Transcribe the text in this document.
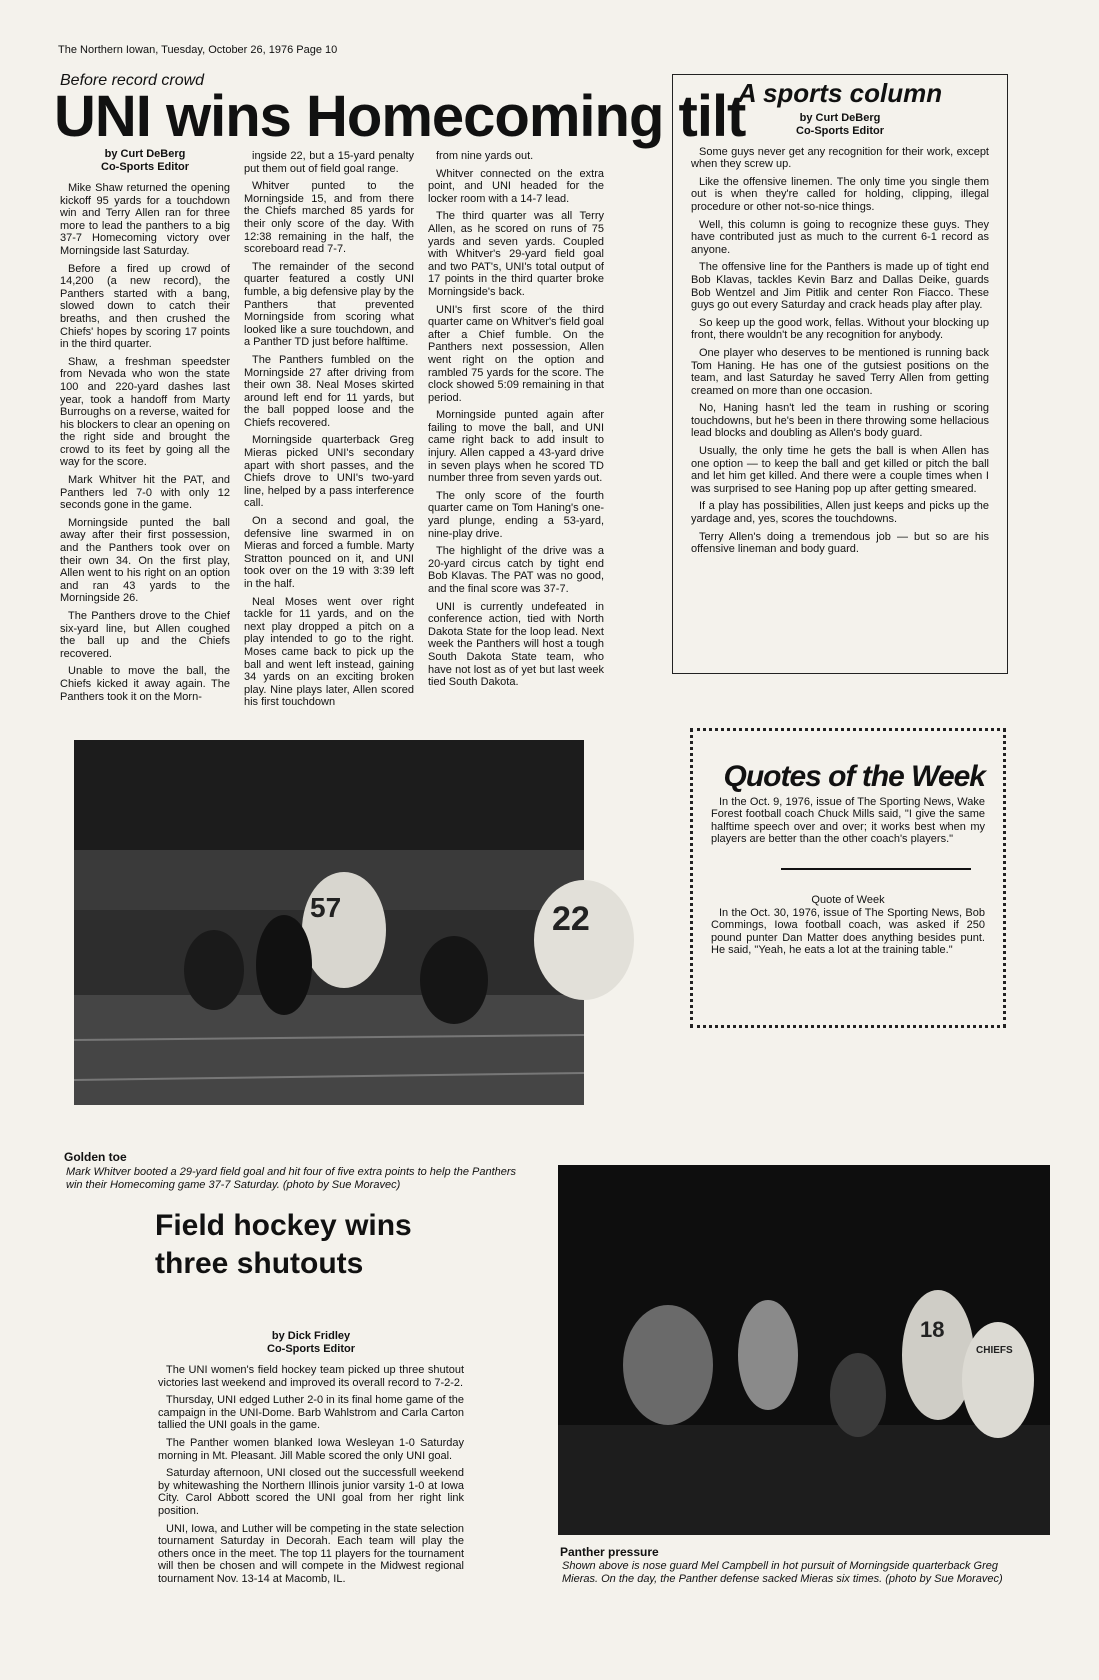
The Northern Iowan, Tuesday, October 26, 1976 Page 10
Before record crowd
UNI wins Homecoming tilt
by Curt DeBerg
Co-Sports Editor

Mike Shaw returned the opening kickoff 95 yards for a touchdown win and Terry Allen ran for three more to lead the panthers to a big 37-7 Homecoming victory over Morningside last Saturday.

Before a fired up crowd of 14,200 (a new record), the Panthers started with a bang, slowed down to catch their breaths, and then crushed the Chiefs' hopes by scoring 17 points in the third quarter.

Shaw, a freshman speedster from Nevada who won the state 100 and 220-yard dashes last year, took a handoff from Marty Burroughs on a reverse, waited for his blockers to clear an opening on the right side and brought the crowd to its feet by going all the way for the score.

Mark Whitver hit the PAT, and Panthers led 7-0 with only 12 seconds gone in the game.

Morningside punted the ball away after their first possession, and the Panthers took over on their own 34. On the first play, Allen went to his right on an option and ran 43 yards to the Morningside 26.

The Panthers drove to the Chief six-yard line, but Allen coughed the ball up and the Chiefs recovered.

Unable to move the ball, the Chiefs kicked it away again. The Panthers took it on the Morn-

ingside 22, but a 15-yard penalty put them out of field goal range.

Whitver punted to the Morningside 15, and from there the Chiefs marched 85 yards for their only score of the day. With 12:38 remaining in the half, the scoreboard read 7-7.

The remainder of the second quarter featured a costly UNI fumble, a big defensive play by the Panthers that prevented Morningside from scoring what looked like a sure touchdown, and a Panther TD just before halftime.

The Panthers fumbled on the Morningside 27 after driving from their own 38. Neal Moses skirted around left end for 11 yards, but the ball popped loose and the Chiefs recovered.

Morningside quarterback Greg Mieras picked UNI's secondary apart with short passes, and the Chiefs drove to UNI's two-yard line, helped by a pass interference call.

On a second and goal, the defensive line swarmed in on Mieras and forced a fumble. Marty Stratton pounced on it, and UNI took over on the 19 with 3:39 left in the half.

Neal Moses went over right tackle for 11 yards, and on the next play dropped a pitch on a play intended to go to the right. Moses came back to pick up the ball and went left instead, gaining 34 yards on an exciting broken play. Nine plays later, Allen scored his first touchdown

from nine yards out.

Whitver connected on the extra point, and UNI headed for the locker room with a 14-7 lead.

The third quarter was all Terry Allen, as he scored on runs of 75 yards and seven yards. Coupled with Whitver's 29-yard field goal and two PAT's, UNI's total output of 17 points in the third quarter broke Morningside's back.

UNI's first score of the third quarter came on Whitver's field goal after a Chief fumble. On the Panthers next possession, Allen went right on the option and rambled 75 yards for the score. The clock showed 5:09 remaining in that period.

Morningside punted again after failing to move the ball, and UNI came right back to add insult to injury. Allen capped a 43-yard drive in seven plays when he scored TD number three from seven yards out.

The only score of the fourth quarter came on Tom Haning's one-yard plunge, ending a 53-yard, nine-play drive.

The highlight of the drive was a 20-yard circus catch by tight end Bob Klavas. The PAT was no good, and the final score was 37-7.

UNI is currently undefeated in conference action, tied with North Dakota State for the loop lead. Next week the Panthers will host a tough South Dakota State team, who have not lost as of yet but last week tied South Dakota.

A sports column
by Curt DeBerg
Co-Sports Editor

Some guys never get any recognition for their work, except when they screw up.

Like the offensive linemen. The only time you single them out is when they're called for holding, clipping, illegal procedure or other not-so-nice things.

Well, this column is going to recognize these guys. They have contributed just as much to the current 6-1 record as anyone.

The offensive line for the Panthers is made up of tight end Bob Klavas, tackles Kevin Barz and Dallas Deike, guards Bob Wentzel and Jim Pitlik and center Ron Fiacco. These guys go out every Saturday and crack heads play after play.

So keep up the good work, fellas. Without your blocking up front, there wouldn't be any recognition for anybody.

One player who deserves to be mentioned is running back Tom Haning. He has one of the gutsiest positions on the team, and last Saturday he saved Terry Allen from getting creamed on more than one occasion.

No, Haning hasn't led the team in rushing or scoring touchdowns, but he's been in there throwing some hellacious lead blocks and doubling as Allen's body guard.

Usually, the only time he gets the ball is when Allen has one option — to keep the ball and get killed or pitch the ball and let him get killed. And there were a couple times when I was surprised to see Haning pop up after getting smeared.

If a play has possibilities, Allen just keeps and picks up the yardage and, yes, scores the touchdowns.

Terry Allen's doing a tremendous job — but so are his offensive lineman and body guard.

57	22
Golden toe
Mark Whitver booted a 29-yard field goal and hit four of five extra points to help the Panthers win their Homecoming game 37-7 Saturday. (photo by Sue Moravec)
Quotes of the Week

In the Oct. 9, 1976, issue of The Sporting News, Wake Forest football coach Chuck Mills said, "I give the same halftime speech over and over; it works best when my players are better than the other coach's players."

Quote of Week

In the Oct. 30, 1976, issue of The Sporting News, Bob Commings, Iowa football coach, was asked if 250 pound punter Dan Matter does anything besides punt. He said, "Yeah, he eats a lot at the training table."

Field hockey wins
three shutouts
by Dick Fridley
Co-Sports Editor

The UNI women's field hockey team picked up three shutout victories last weekend and improved its overall record to 7-2-2.

Thursday, UNI edged Luther 2-0 in its final home game of the campaign in the UNI-Dome. Barb Wahlstrom and Carla Carton tallied the UNI goals in the game.

The Panther women blanked Iowa Wesleyan 1-0 Saturday morning in Mt. Pleasant. Jill Mable scored the only UNI goal.

Saturday afternoon, UNI closed out the successfull weekend by whitewashing the Northern Illinois junior varsity 1-0 at Iowa City. Carol Abbott scored the UNI goal from her right link position.

UNI, Iowa, and Luther will be competing in the state selection tournament Saturday in Decorah. Each team will play the others once in the meet. The top 11 players for the tournament will then be chosen and will compete in the Midwest regional tournament Nov. 13-14 at Macomb, IL.

18
CHIEFS
Panther pressure
Shown above is nose guard Mel Campbell in hot pursuit of Morningside quarterback Greg Mieras. On the day, the Panther defense sacked Mieras six times. (photo by Sue Moravec)
